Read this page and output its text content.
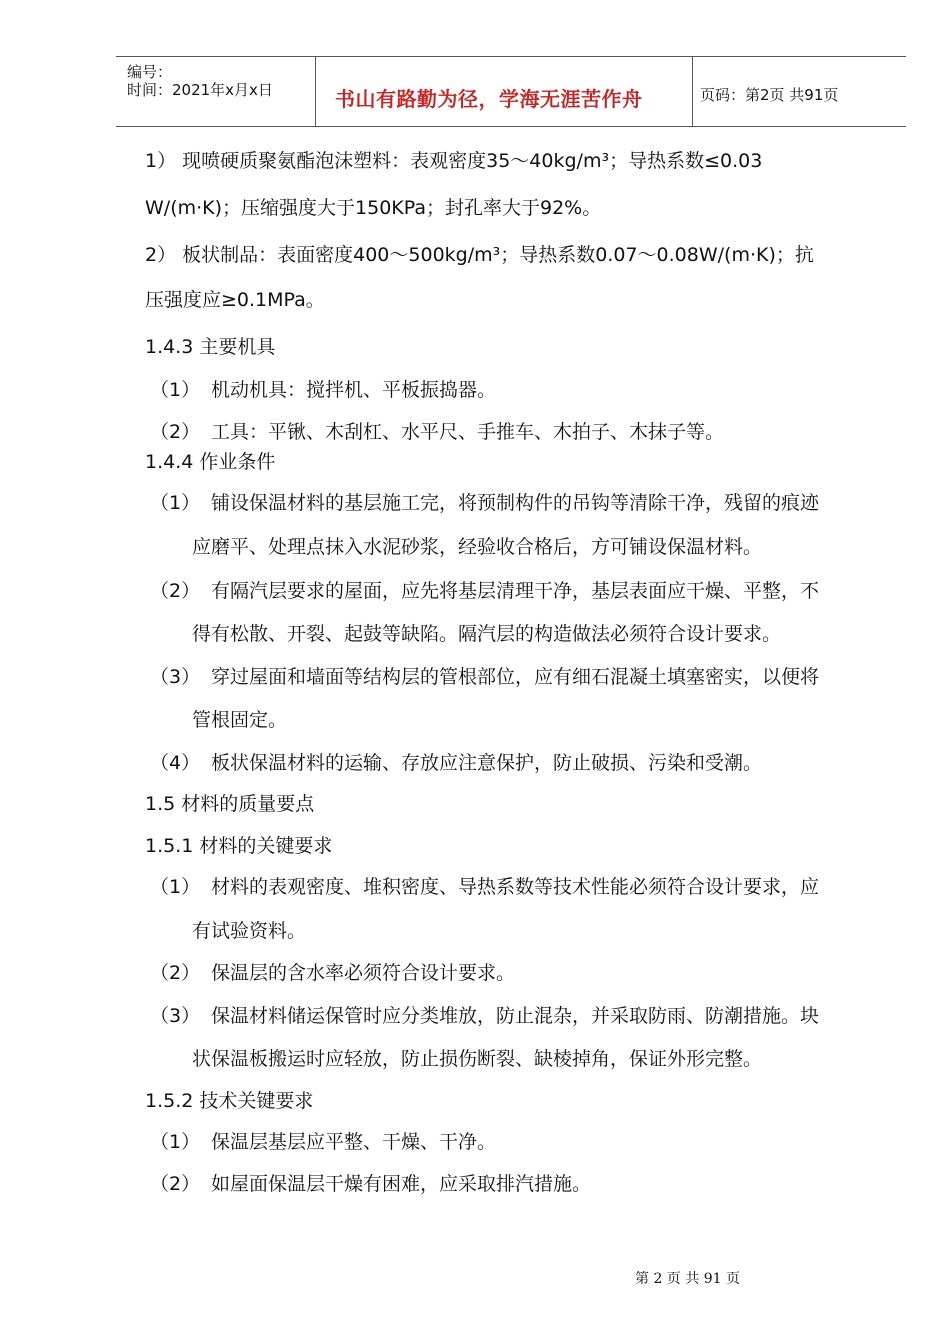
编号：
时间：2021年x月x日	书山有路勤为径，学海无涯苦作舟	页码：第2页 共91页
1） 现喷硬质聚氨酯泡沫塑料：表观密度35～40kg/m³；导热系数≤0.03
W/(m·K)；压缩强度大于150KPa；封孔率大于92%。
2） 板状制品：表面密度400～500kg/m³；导热系数0.07～0.08W/(m·K)；抗
压强度应≥0.1MPa。
1.4.3 主要机具
（1） 机动机具：搅拌机、平板振捣器。
（2） 工具：平锹、木刮杠、水平尺、手推车、木拍子、木抹子等。
1.4.4 作业条件
（1） 铺设保温材料的基层施工完，将预制构件的吊钩等清除干净，残留的痕迹
应磨平、处理点抹入水泥砂浆，经验收合格后，方可铺设保温材料。
（2） 有隔汽层要求的屋面，应先将基层清理干净，基层表面应干燥、平整，不
得有松散、开裂、起鼓等缺陷。隔汽层的构造做法必须符合设计要求。
（3） 穿过屋面和墙面等结构层的管根部位，应有细石混凝土填塞密实，以便将
管根固定。
（4） 板状保温材料的运输、存放应注意保护，防止破损、污染和受潮。
1.5 材料的质量要点
1.5.1 材料的关键要求
（1） 材料的表观密度、堆积密度、导热系数等技术性能必须符合设计要求，应
有试验资料。
（2） 保温层的含水率必须符合设计要求。
（3） 保温材料储运保管时应分类堆放，防止混杂，并采取防雨、防潮措施。块
状保温板搬运时应轻放，防止损伤断裂、缺棱掉角，保证外形完整。
1.5.2 技术关键要求
（1） 保温层基层应平整、干燥、干净。
（2） 如屋面保温层干燥有困难，应采取排汽措施。
第 2 页 共 91 页
